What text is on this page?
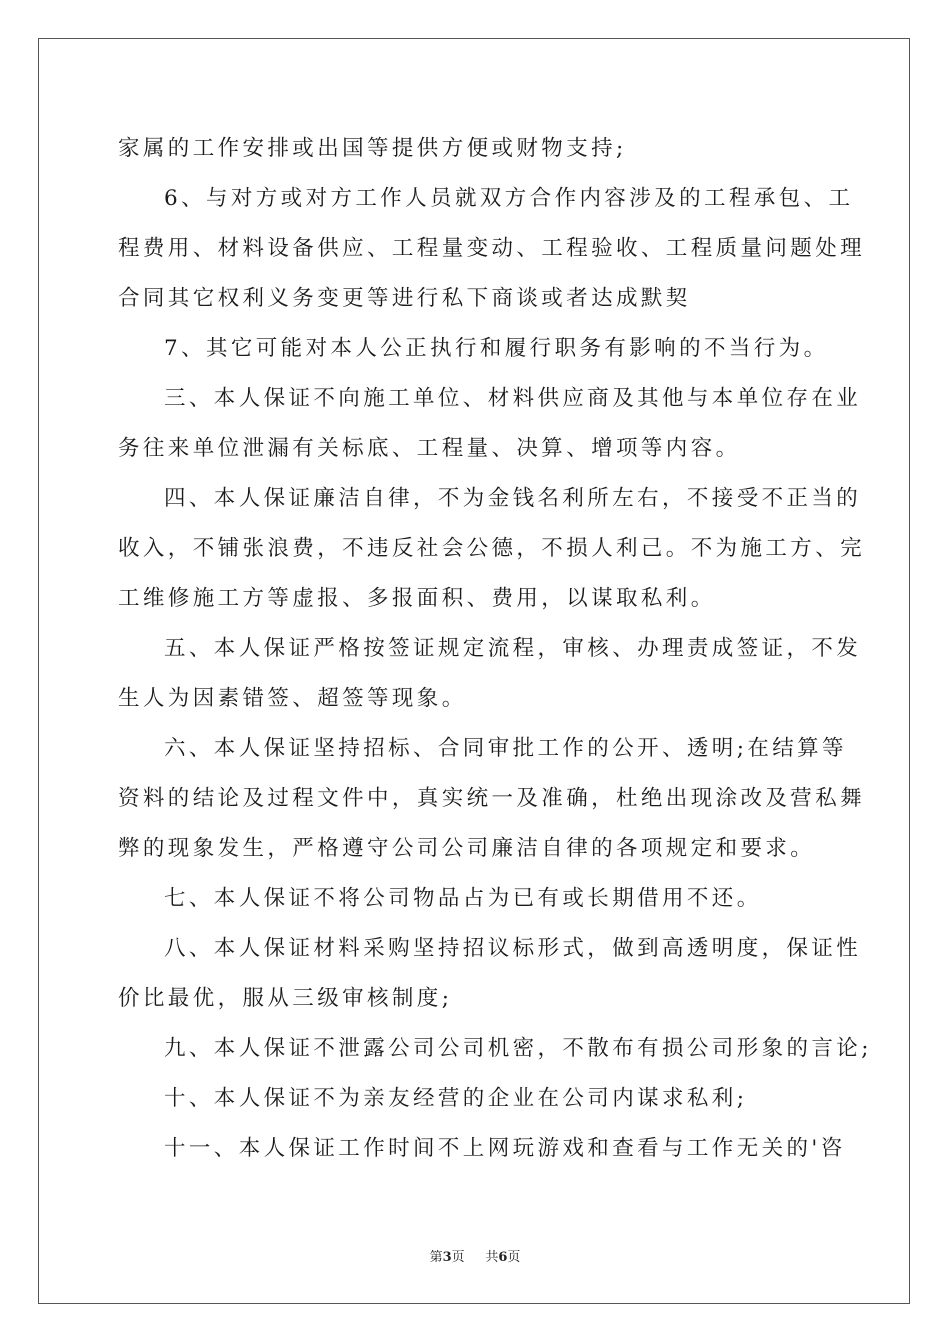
家属的工作安排或出国等提供方便或财物支持;
6、与对方或对方工作人员就双方合作内容涉及的工程承包、工
程费用、材料设备供应、工程量变动、工程验收、工程质量问题处理
合同其它权利义务变更等进行私下商谈或者达成默契
7、其它可能对本人公正执行和履行职务有影响的不当行为。
三、本人保证不向施工单位、材料供应商及其他与本单位存在业
务往来单位泄漏有关标底、工程量、决算、增项等内容。
四、本人保证廉洁自律，不为金钱名利所左右，不接受不正当的
收入，不铺张浪费，不违反社会公德，不损人利己。不为施工方、完
工维修施工方等虚报、多报面积、费用，以谋取私利。
五、本人保证严格按签证规定流程，审核、办理责成签证，不发
生人为因素错签、超签等现象。
六、本人保证坚持招标、合同审批工作的公开、透明;在结算等
资料的结论及过程文件中，真实统一及准确，杜绝出现涂改及营私舞
弊的现象发生，严格遵守公司公司廉洁自律的各项规定和要求。
七、本人保证不将公司物品占为已有或长期借用不还。
八、本人保证材料采购坚持招议标形式，做到高透明度，保证性
价比最优，服从三级审核制度;
九、本人保证不泄露公司公司机密，不散布有损公司形象的言论;
十、本人保证不为亲友经营的企业在公司内谋求私利;
十一、本人保证工作时间不上网玩游戏和查看与工作无关的'咨
第3页 共6页
